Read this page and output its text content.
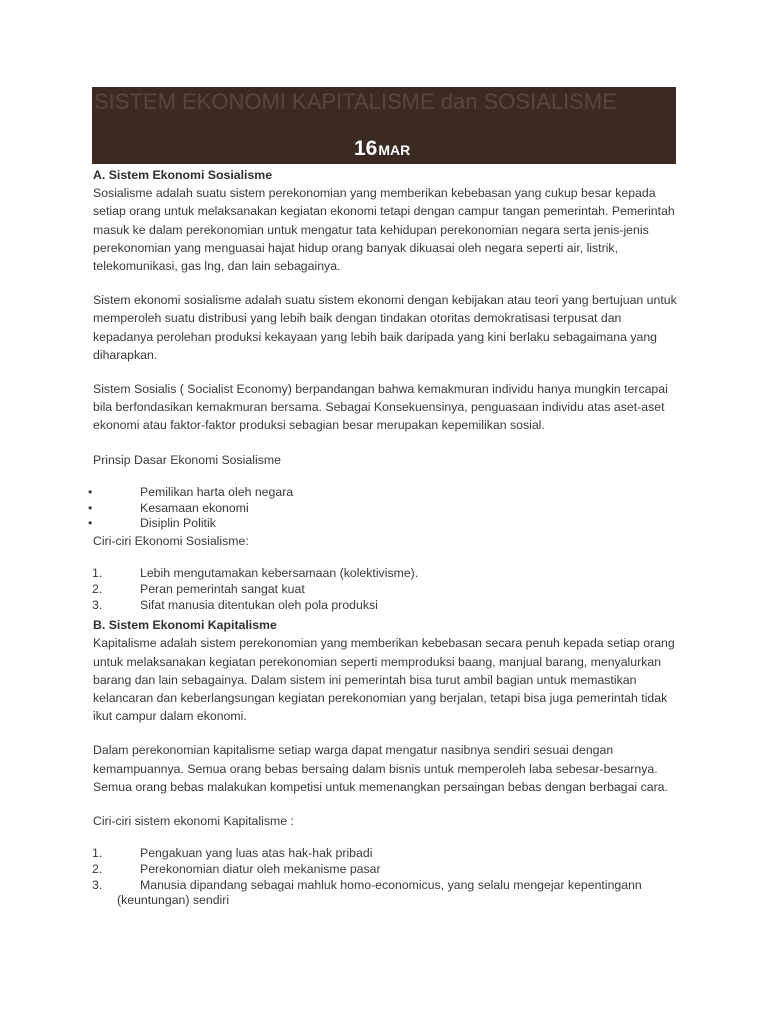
SISTEM EKONOMI KAPITALISME dan SOSIALISME
16MAR

A. Sistem Ekonomi Sosialisme

Sosialisme adalah suatu sistem perekonomian yang memberikan kebebasan yang cukup besar kepada setiap orang untuk melaksanakan kegiatan ekonomi tetapi dengan campur tangan pemerintah. Pemerintah masuk ke dalam perekonomian untuk mengatur tata kehidupan perekonomian negara serta jenis-jenis perekonomian yang menguasai hajat hidup orang banyak dikuasai oleh negara seperti air, listrik, telekomunikasi, gas lng, dan lain sebagainya.

Sistem ekonomi sosialisme adalah suatu sistem ekonomi dengan kebijakan atau teori yang bertujuan untuk memperoleh suatu distribusi yang lebih baik dengan tindakan otoritas demokratisasi terpusat dan kepadanya perolehan produksi kekayaan yang lebih baik daripada yang kini berlaku sebagaimana yang diharapkan.

Sistem Sosialis ( Socialist Economy) berpandangan bahwa kemakmuran individu hanya mungkin tercapai bila berfondasikan kemakmuran bersama. Sebagai Konsekuensinya, penguasaan individu atas aset-aset ekonomi atau faktor-faktor produksi sebagian besar merupakan kepemilikan sosial.

Prinsip Dasar Ekonomi Sosialisme

•	Pemilikan harta oleh negara
•	Kesamaan ekonomi
•	Disiplin Politik

Ciri-ciri Ekonomi Sosialisme:

1.	Lebih mengutamakan kebersamaan (kolektivisme).
2.	Peran pemerintah sangat kuat
3.	Sifat manusia ditentukan oleh pola produksi

B. Sistem Ekonomi Kapitalisme

Kapitalisme adalah sistem perekonomian yang memberikan kebebasan secara penuh kepada setiap orang untuk melaksanakan kegiatan perekonomian seperti memproduksi baang, manjual barang, menyalurkan barang dan lain sebagainya. Dalam sistem ini pemerintah bisa turut ambil bagian untuk memastikan kelancaran dan keberlangsungan kegiatan perekonomian yang berjalan, tetapi bisa juga pemerintah tidak ikut campur dalam ekonomi.

Dalam perekonomian kapitalisme setiap warga dapat mengatur nasibnya sendiri sesuai dengan kemampuannya. Semua orang bebas bersaing dalam bisnis untuk memperoleh laba sebesar-besarnya. Semua orang bebas malakukan kompetisi untuk memenangkan persaingan bebas dengan berbagai cara.

Ciri-ciri sistem ekonomi Kapitalisme :

1.	Pengakuan yang luas atas hak-hak pribadi
2.	Perekonomian diatur oleh mekanisme pasar
3.	Manusia dipandang sebagai mahluk homo-economicus, yang selalu mengejar kepentingann
(keuntungan) sendiri
